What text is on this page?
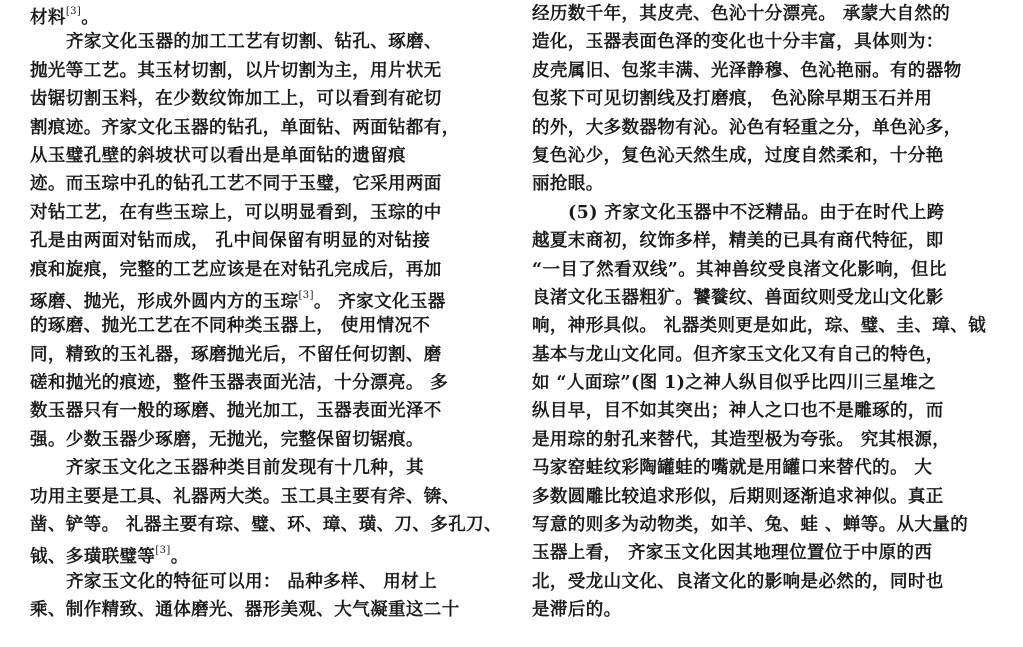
材料[3]。
齐家文化玉器的加工工艺有切割、钻孔、琢磨、
抛光等工艺。其玉材切割，以片切割为主，用片状无
齿锯切割玉料，在少数纹饰加工上，可以看到有砣切
割痕迹。齐家文化玉器的钻孔，单面钻、两面钻都有，
从玉璧孔壁的斜坡状可以看出是单面钻的遗留痕
迹。而玉琮中孔的钻孔工艺不同于玉璧，它采用两面
对钻工艺，在有些玉琮上，可以明显看到，玉琮的中
孔是由两面对钻而成， 孔中间保留有明显的对钻接
痕和旋痕，完整的工艺应该是在对钻孔完成后，再加
琢磨、抛光，形成外圆内方的玉琮[3]。 齐家文化玉器
的琢磨、抛光工艺在不同种类玉器上， 使用情况不
同，精致的玉礼器，琢磨抛光后，不留任何切割、磨
磋和抛光的痕迹，整件玉器表面光洁，十分漂亮。 多
数玉器只有一般的琢磨、抛光加工，玉器表面光泽不
强。少数玉器少琢磨，无抛光，完整保留切锯痕。
齐家玉文化之玉器种类目前发现有十几种，其
功用主要是工具、礼器两大类。玉工具主要有斧、锛、
凿、铲等。 礼器主要有琮、璧、环、璋、璜、刀、多孔刀、
钺、多璜联璧等[3]。
齐家玉文化的特征可以用： 品种多样、 用材上
乘、制作精致、通体磨光、器形美观、大气凝重这二十
经历数千年，其皮壳、色沁十分漂亮。 承蒙大自然的
造化，玉器表面色泽的变化也十分丰富，具体则为：
皮壳属旧、包浆丰满、光泽静穆、色沁艳丽。有的器物
包浆下可见切割线及打磨痕， 色沁除早期玉石并用
的外，大多数器物有沁。沁色有轻重之分，单色沁多，
复色沁少，复色沁天然生成，过度自然柔和，十分艳
丽抢眼。
(5) 齐家文化玉器中不泛精品。由于在时代上跨
越夏末商初，纹饰多样，精美的已具有商代特征，即
“一目了然看双线”。其神兽纹受良渚文化影响，但比
良渚文化玉器粗犷。饕餮纹、兽面纹则受龙山文化影
响，神形具似。 礼器类则更是如此，琮、璧、圭、璋、钺
基本与龙山文化同。但齐家玉文化又有自己的特色，
如 “人面琮”(图 1)之神人纵目似乎比四川三星堆之
纵目早，目不如其突出；神人之口也不是雕琢的，而
是用琮的射孔来替代，其造型极为夸张。 究其根源，
马家窑蛙纹彩陶罐蛙的嘴就是用罐口来替代的。 大
多数圆雕比较追求形似，后期则逐渐追求神似。真正
写意的则多为动物类，如羊、兔、蛙 、蝉等。从大量的
玉器上看， 齐家玉文化因其地理位置位于中原的西
北，受龙山文化、良渚文化的影响是必然的，同时也
是滞后的。
